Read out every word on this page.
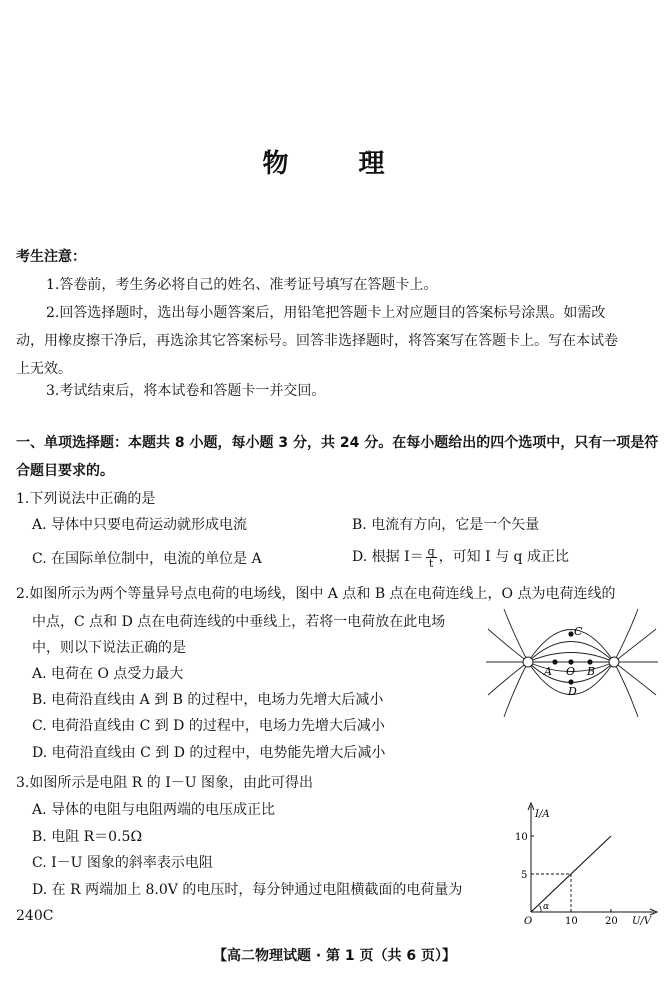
物　理
考生注意：
1.答卷前，考生务必将自己的姓名、准考证号填写在答题卡上。
2.回答选择题时，选出每小题答案后，用铅笔把答题卡上对应题目的答案标号涂黑。如需改
动，用橡皮擦干净后，再选涂其它答案标号。回答非选择题时，将答案写在答题卡上。写在本试卷
上无效。
3.考试结束后，将本试卷和答题卡一并交回。
一、单项选择题：本题共 8 小题，每小题 3 分，共 24 分。在每小题给出的四个选项中，只有一项是符
合题目要求的。
1.下列说法中正确的是
A. 导体中只要电荷运动就形成电流	B. 电流有方向，它是一个矢量
C. 在国际单位制中，电流的单位是 A	D. 根据 $I= \frac{q}{t}$ ，可知 I 与 q 成正比
2.如图所示为两个等量异号点电荷的电场线，图中 A 点和 B 点在电荷连线上，O 点为电荷连线的
中点，C 点和 D 点在电荷连线的中垂线上，若将一电荷放在此电场
中，则以下说法正确的是
A. 电荷在 O 点受力最大
B. 电荷沿直线由 A 到 B 的过程中，电场力先增大后减小
C. 电荷沿直线由 C 到 D 的过程中，电场力先增大后减小
D. 电荷沿直线由 C 到 D 的过程中，电势能先增大后减小
A O B
C
D
3.如图所示是电阻 R 的 I－U 图象，由此可得出
A. 导体的电阻与电阻两端的电压成正比
B. 电阻 R＝0.5Ω
C. I－U 图象的斜率表示电阻
D. 在 R 两端加上 8.0V 的电压时，每分钟通过电阻横截面的电荷量为
240C
I/A
U/V
O
α
10	20
5
10
【高二物理试题 · 第 1 页（共 6 页）】
